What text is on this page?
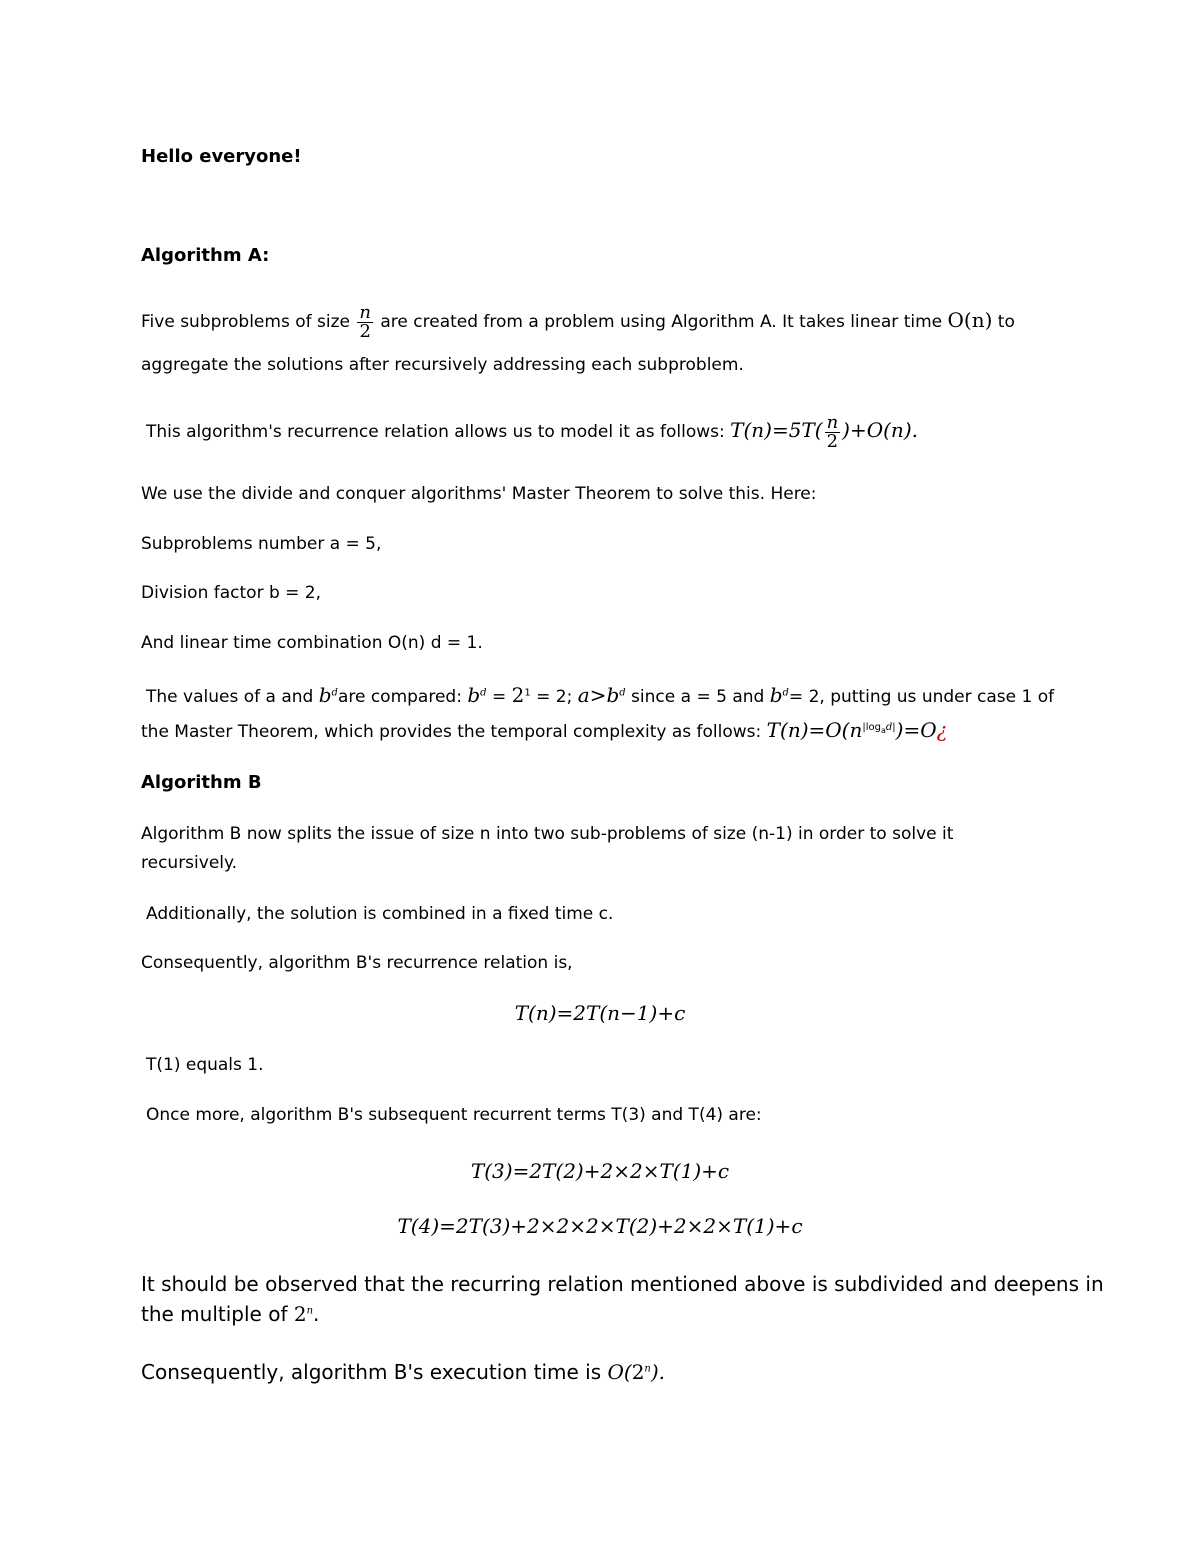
Hello everyone!
Algorithm A:
Five subproblems of size $\frac{n}{2}$ are created from a problem using Algorithm A. It takes linear time O(n) to
aggregate the solutions after recursively addressing each subproblem.
This algorithm's recurrence relation allows us to model it as follows: $T(n)=5T( \frac{n}{2} )+O(n)$.
We use the divide and conquer algorithms' Master Theorem to solve this. Here:
Subproblems number a = 5,
Division factor b = 2,
And linear time combination O(n) d = 1.
The values of a and $b^dare$ compared: $b^d = 2^1 = 2$; $a>b^d$ since a = 5 and $b^d= 2$, putting us under case 1 of
the Master Theorem, which provides the temporal complexity as follows: $T(n)=O(n^{|log_ad|})=O¿$
Algorithm B
Algorithm B now splits the issue of size n into two sub-problems of size (n-1) in order to solve it
recursively.
Additionally, the solution is combined in a fixed time c.
Consequently, algorithm B's recurrence relation is,
T(n)=2T(n−1)+c
T(1) equals 1.
Once more, algorithm B's subsequent recurrent terms T(3) and T(4) are:
T(3)=2T(2)+2×2×T(1)+c
T(4)=2T(3)+2×2×2×T(2)+2×2×T(1)+c
It should be observed that the recurring relation mentioned above is subdivided and deepens in
the multiple of 2$^n$.
Consequently, algorithm B's execution time is O(2$^n$).
